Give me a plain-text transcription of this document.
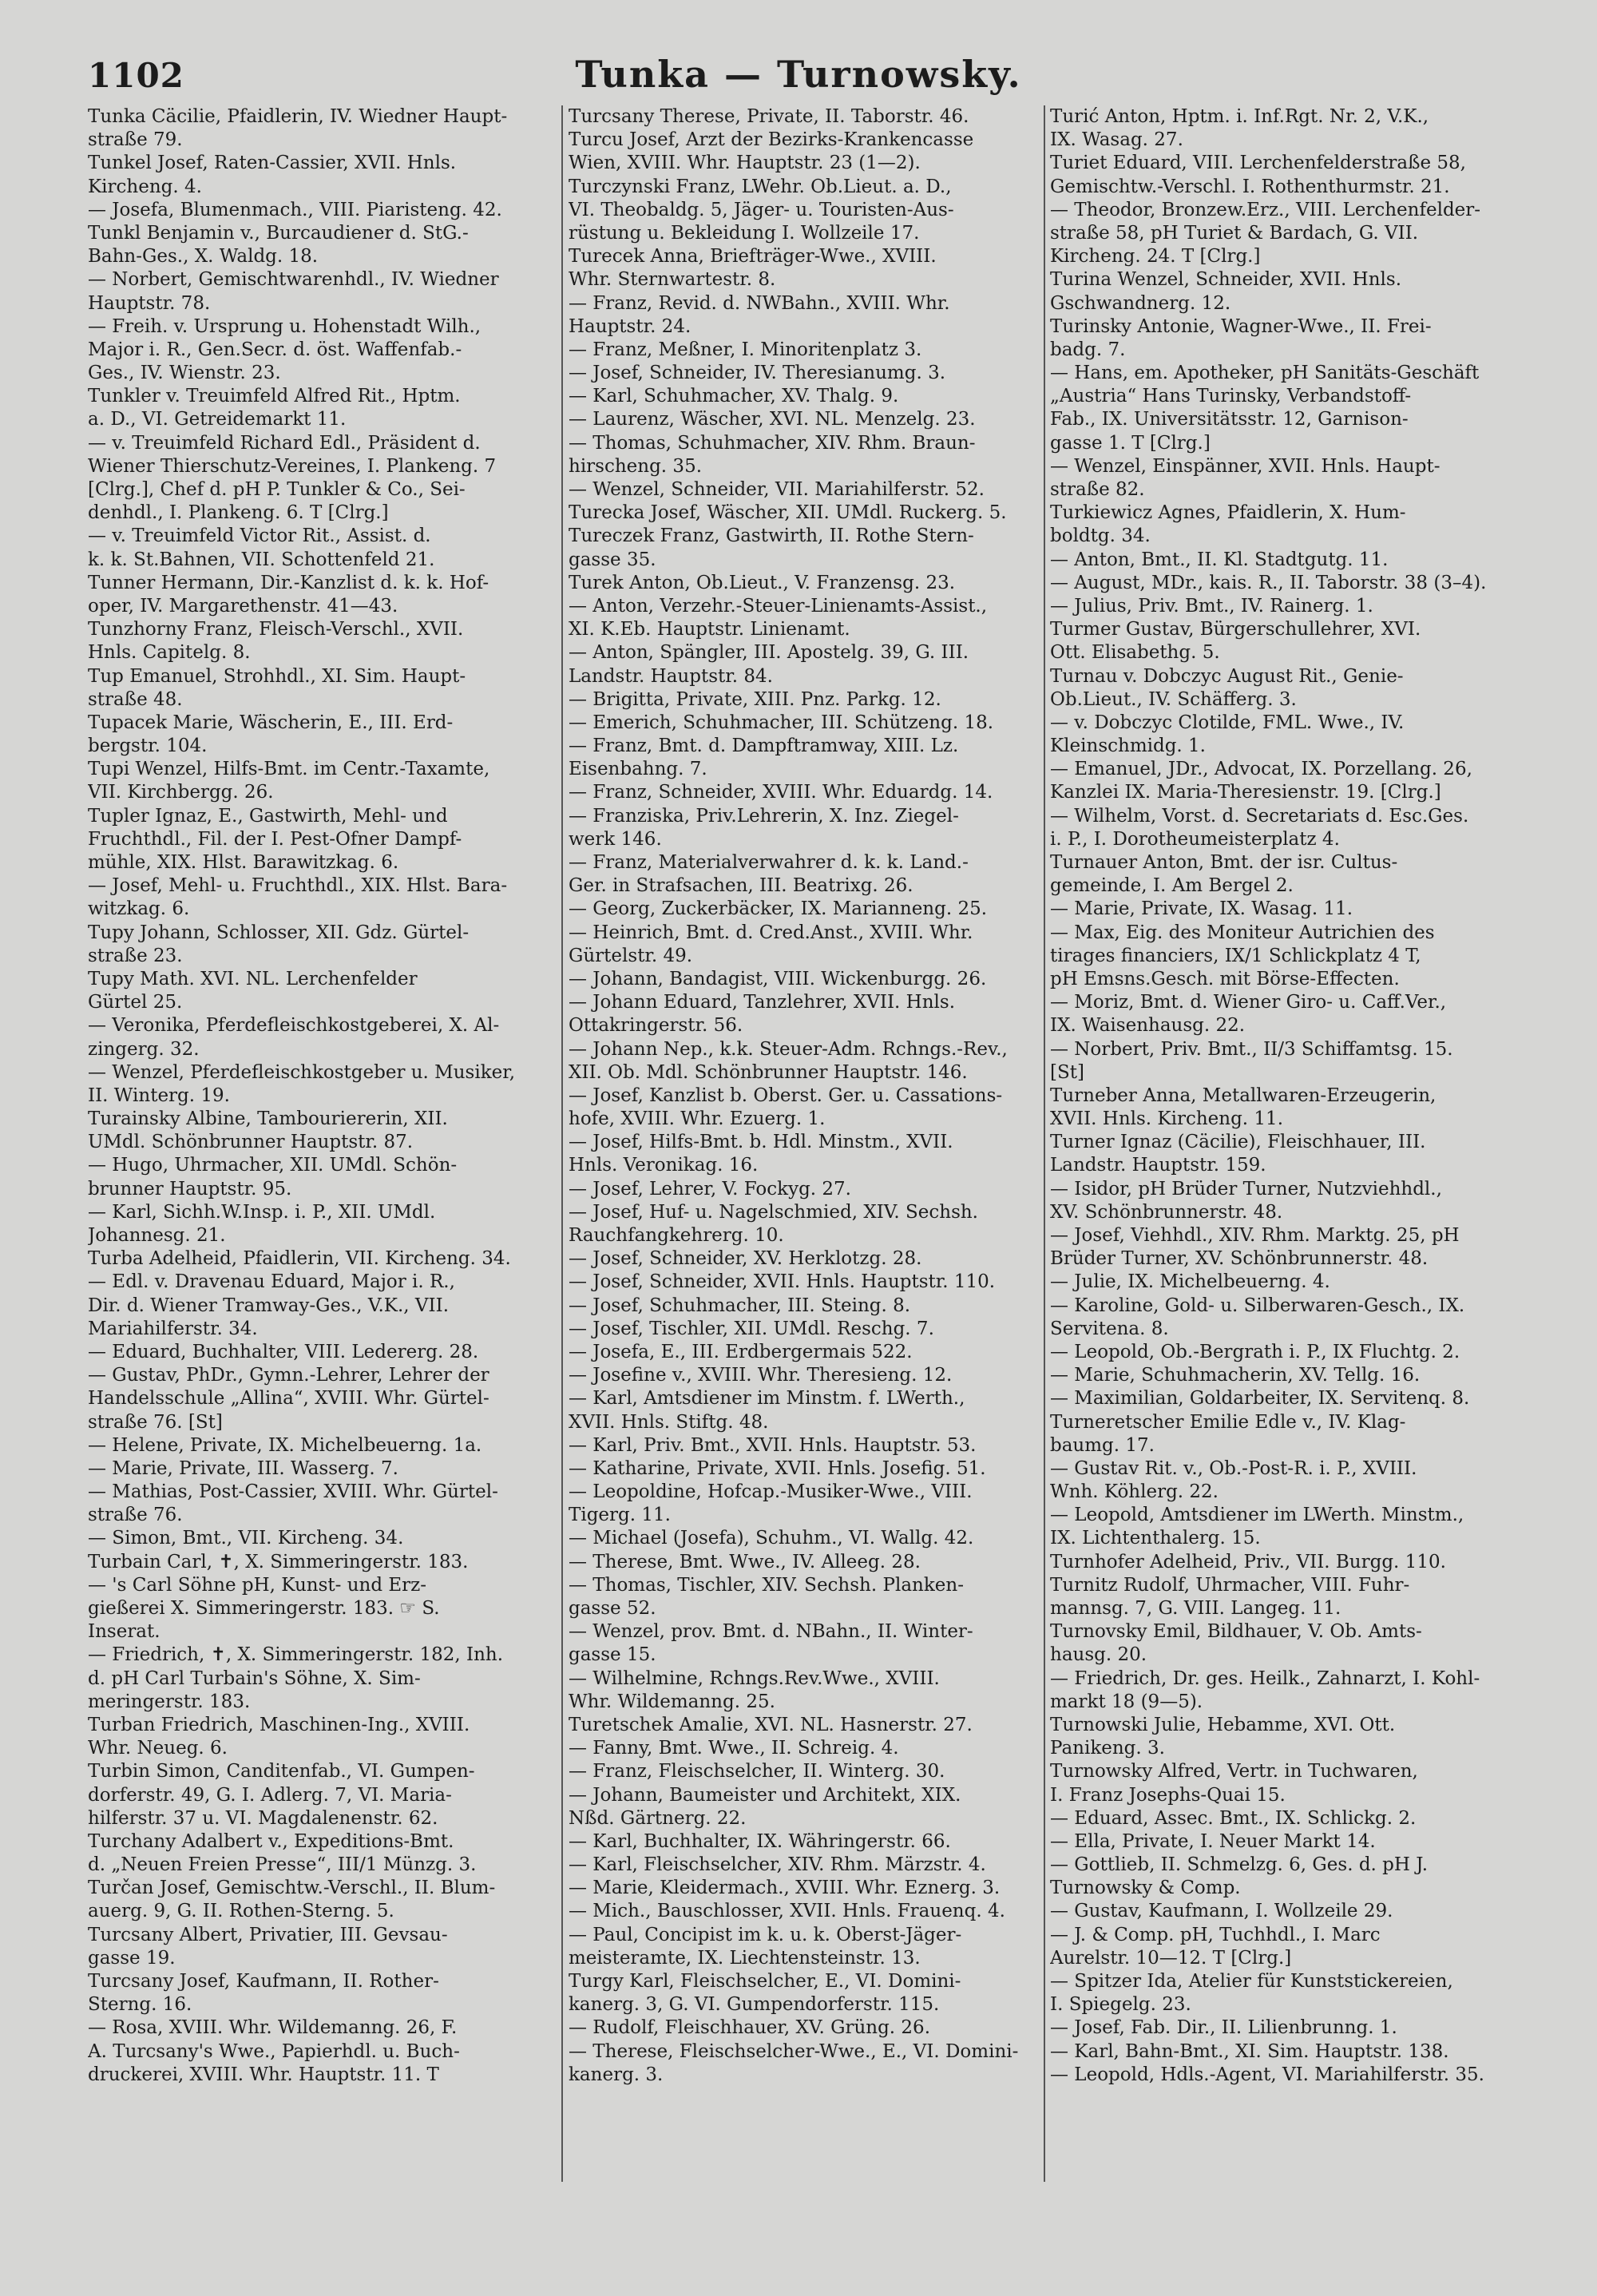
1102	Tunka — Turnowsky.
Tunka Cäcilie, Pfaidlerin, IV. Wiedner Haupt-
straße 79.
Tunkel Josef, Raten-Cassier, XVII. Hnls.
Kircheng. 4.
— Josefa, Blumenmach., VIII. Piaristeng. 42.
Tunkl Benjamin v., Burcaudiener d. StG.-
Bahn-Ges., X. Waldg. 18.
— Norbert, Gemischtwarenhdl., IV. Wiedner
Hauptstr. 78.
— Freih. v. Ursprung u. Hohenstadt Wilh.,
Major i. R., Gen.Secr. d. öst. Waffenfab.-
Ges., IV. Wienstr. 23.
Tunkler v. Treuimfeld Alfred Rit., Hptm.
a. D., VI. Getreidemarkt 11.
— v. Treuimfeld Richard Edl., Präsident d.
Wiener Thierschutz-Vereines, I. Plankeng. 7
[Clrg.], Chef d. pH P. Tunkler & Co., Sei-
denhdl., I. Plankeng. 6. T [Clrg.]
— v. Treuimfeld Victor Rit., Assist. d.
k. k. St.Bahnen, VII. Schottenfeld 21.
Tunner Hermann, Dir.-Kanzlist d. k. k. Hof-
oper, IV. Margarethenstr. 41—43.
Tunzhorny Franz, Fleisch-Verschl., XVII.
Hnls. Capitelg. 8.
Tup Emanuel, Strohhdl., XI. Sim. Haupt-
straße 48.
Tupacek Marie, Wäscherin, E., III. Erd-
bergstr. 104.
Tupi Wenzel, Hilfs-Bmt. im Centr.-Taxamte,
VII. Kirchbergg. 26.
Tupler Ignaz, E., Gastwirth, Mehl- und
Fruchthdl., Fil. der I. Pest-Ofner Dampf-
mühle, XIX. Hlst. Barawitzkag. 6.
— Josef, Mehl- u. Fruchthdl., XIX. Hlst. Bara-
witzkag. 6.
Tupy Johann, Schlosser, XII. Gdz. Gürtel-
straße 23.
Tupy Math. XVI. NL. Lerchenfelder
Gürtel 25.
— Veronika, Pferdefleischkostgeberei, X. Al-
zingerg. 32.
— Wenzel, Pferdefleischkostgeber u. Musiker,
II. Winterg. 19.
Turainsky Albine, Tambouriererin, XII.
UMdl. Schönbrunner Hauptstr. 87.
— Hugo, Uhrmacher, XII. UMdl. Schön-
brunner Hauptstr. 95.
— Karl, Sichh.W.Insp. i. P., XII. UMdl.
Johannesg. 21.
Turba Adelheid, Pfaidlerin, VII. Kircheng. 34.
— Edl. v. Dravenau Eduard, Major i. R.,
Dir. d. Wiener Tramway-Ges., V.K., VII.
Mariahilferstr. 34.
— Eduard, Buchhalter, VIII. Ledererg. 28.
— Gustav, PhDr., Gymn.-Lehrer, Lehrer der
Handelsschule „Allina“, XVIII. Whr. Gürtel-
straße 76. [St]
— Helene, Private, IX. Michelbeuerng. 1a.
— Marie, Private, III. Wasserg. 7.
— Mathias, Post-Cassier, XVIII. Whr. Gürtel-
straße 76.
— Simon, Bmt., VII. Kircheng. 34.
Turbain Carl, ✝, X. Simmeringerstr. 183.
— 's Carl Söhne pH, Kunst- und Erz-
gießerei X. Simmeringerstr. 183. ☞ S.
Inserat.
— Friedrich, ✝, X. Simmeringerstr. 182, Inh.
d. pH Carl Turbain's Söhne, X. Sim-
meringerstr. 183.
Turban Friedrich, Maschinen-Ing., XVIII.
Whr. Neueg. 6.
Turbin Simon, Canditenfab., VI. Gumpen-
dorferstr. 49, G. I. Adlerg. 7, VI. Maria-
hilferstr. 37 u. VI. Magdalenenstr. 62.
Turchany Adalbert v., Expeditions-Bmt.
d. „Neuen Freien Presse“, III/1 Münzg. 3.
Turčan Josef, Gemischtw.-Verschl., II. Blum-
auerg. 9, G. II. Rothen-Sterng. 5.
Turcsany Albert, Privatier, III. Gevsau-
gasse 19.
Turcsany Josef, Kaufmann, II. Rother-
Sterng. 16.
— Rosa, XVIII. Whr. Wildemanng. 26, F.
A. Turcsany's Wwe., Papierhdl. u. Buch-
druckerei, XVIII. Whr. Hauptstr. 11. T
Turcsany Therese, Private, II. Taborstr. 46.
Turcu Josef, Arzt der Bezirks-Krankencasse
Wien, XVIII. Whr. Hauptstr. 23 (1—2).
Turczynski Franz, LWehr. Ob.Lieut. a. D.,
VI. Theobaldg. 5, Jäger- u. Touristen-Aus-
rüstung u. Bekleidung I. Wollzeile 17.
Turecek Anna, Briefträger-Wwe., XVIII.
Whr. Sternwartestr. 8.
— Franz, Revid. d. NWBahn., XVIII. Whr.
Hauptstr. 24.
— Franz, Meßner, I. Minoritenplatz 3.
— Josef, Schneider, IV. Theresianumg. 3.
— Karl, Schuhmacher, XV. Thalg. 9.
— Laurenz, Wäscher, XVI. NL. Menzelg. 23.
— Thomas, Schuhmacher, XIV. Rhm. Braun-
hirscheng. 35.
— Wenzel, Schneider, VII. Mariahilferstr. 52.
Turecka Josef, Wäscher, XII. UMdl. Ruckerg. 5.
Tureczek Franz, Gastwirth, II. Rothe Stern-
gasse 35.
Turek Anton, Ob.Lieut., V. Franzensg. 23.
— Anton, Verzehr.-Steuer-Linienamts-Assist.,
XI. K.Eb. Hauptstr. Linienamt.
— Anton, Spängler, III. Apostelg. 39, G. III.
Landstr. Hauptstr. 84.
— Brigitta, Private, XIII. Pnz. Parkg. 12.
— Emerich, Schuhmacher, III. Schützeng. 18.
— Franz, Bmt. d. Dampftramway, XIII. Lz.
Eisenbahng. 7.
— Franz, Schneider, XVIII. Whr. Eduardg. 14.
— Franziska, Priv.Lehrerin, X. Inz. Ziegel-
werk 146.
— Franz, Materialverwahrer d. k. k. Land.-
Ger. in Strafsachen, III. Beatrixg. 26.
— Georg, Zuckerbäcker, IX. Marianneng. 25.
— Heinrich, Bmt. d. Cred.Anst., XVIII. Whr.
Gürtelstr. 49.
— Johann, Bandagist, VIII. Wickenburgg. 26.
— Johann Eduard, Tanzlehrer, XVII. Hnls.
Ottakringerstr. 56.
— Johann Nep., k.k. Steuer-Adm. Rchngs.-Rev.,
XII. Ob. Mdl. Schönbrunner Hauptstr. 146.
— Josef, Kanzlist b. Oberst. Ger. u. Cassations-
hofe, XVIII. Whr. Ezuerg. 1.
— Josef, Hilfs-Bmt. b. Hdl. Minstm., XVII.
Hnls. Veronikag. 16.
— Josef, Lehrer, V. Fockyg. 27.
— Josef, Huf- u. Nagelschmied, XIV. Sechsh.
Rauchfangkehrerg. 10.
— Josef, Schneider, XV. Herklotzg. 28.
— Josef, Schneider, XVII. Hnls. Hauptstr. 110.
— Josef, Schuhmacher, III. Steing. 8.
— Josef, Tischler, XII. UMdl. Reschg. 7.
— Josefa, E., III. Erdbergermais 522.
— Josefine v., XVIII. Whr. Theresieng. 12.
— Karl, Amtsdiener im Minstm. f. LWerth.,
XVII. Hnls. Stiftg. 48.
— Karl, Priv. Bmt., XVII. Hnls. Hauptstr. 53.
— Katharine, Private, XVII. Hnls. Josefig. 51.
— Leopoldine, Hofcap.-Musiker-Wwe., VIII.
Tigerg. 11.
— Michael (Josefa), Schuhm., VI. Wallg. 42.
— Therese, Bmt. Wwe., IV. Alleeg. 28.
— Thomas, Tischler, XIV. Sechsh. Planken-
gasse 52.
— Wenzel, prov. Bmt. d. NBahn., II. Winter-
gasse 15.
— Wilhelmine, Rchngs.Rev.Wwe., XVIII.
Whr. Wildemanng. 25.
Turetschek Amalie, XVI. NL. Hasnerstr. 27.
— Fanny, Bmt. Wwe., II. Schreig. 4.
— Franz, Fleischselcher, II. Winterg. 30.
— Johann, Baumeister und Architekt, XIX.
Nßd. Gärtnerg. 22.
— Karl, Buchhalter, IX. Währingerstr. 66.
— Karl, Fleischselcher, XIV. Rhm. Märzstr. 4.
— Marie, Kleidermach., XVIII. Whr. Eznerg. 3.
— Mich., Bauschlosser, XVII. Hnls. Frauenq. 4.
— Paul, Concipist im k. u. k. Oberst-Jäger-
meisteramte, IX. Liechtensteinstr. 13.
Turgy Karl, Fleischselcher, E., VI. Domini-
kanerg. 3, G. VI. Gumpendorferstr. 115.
— Rudolf, Fleischhauer, XV. Grüng. 26.
— Therese, Fleischselcher-Wwe., E., VI. Domini-
kanerg. 3.
Turić Anton, Hptm. i. Inf.Rgt. Nr. 2, V.K.,
IX. Wasag. 27.
Turiet Eduard, VIII. Lerchenfelderstraße 58,
Gemischtw.-Verschl. I. Rothenthurmstr. 21.
— Theodor, Bronzew.Erz., VIII. Lerchenfelder-
straße 58, pH Turiet & Bardach, G. VII.
Kircheng. 24. T [Clrg.]
Turina Wenzel, Schneider, XVII. Hnls.
Gschwandnerg. 12.
Turinsky Antonie, Wagner-Wwe., II. Frei-
badg. 7.
— Hans, em. Apotheker, pH Sanitäts-Geschäft
„Austria“ Hans Turinsky, Verbandstoff-
Fab., IX. Universitätsstr. 12, Garnison-
gasse 1. T [Clrg.]
— Wenzel, Einspänner, XVII. Hnls. Haupt-
straße 82.
Turkiewicz Agnes, Pfaidlerin, X. Hum-
boldtg. 34.
— Anton, Bmt., II. Kl. Stadtgutg. 11.
— August, MDr., kais. R., II. Taborstr. 38 (3–4).
— Julius, Priv. Bmt., IV. Rainerg. 1.
Turmer Gustav, Bürgerschullehrer, XVI.
Ott. Elisabethg. 5.
Turnau v. Dobczyc August Rit., Genie-
Ob.Lieut., IV. Schäfferg. 3.
— v. Dobczyc Clotilde, FML. Wwe., IV.
Kleinschmidg. 1.
— Emanuel, JDr., Advocat, IX. Porzellang. 26,
Kanzlei IX. Maria-Theresienstr. 19. [Clrg.]
— Wilhelm, Vorst. d. Secretariats d. Esc.Ges.
i. P., I. Dorotheumeisterplatz 4.
Turnauer Anton, Bmt. der isr. Cultus-
gemeinde, I. Am Bergel 2.
— Marie, Private, IX. Wasag. 11.
— Max, Eig. des Moniteur Autrichien des
tirages financiers, IX/1 Schlickplatz 4 T,
pH Emsns.Gesch. mit Börse-Effecten.
— Moriz, Bmt. d. Wiener Giro- u. Caff.Ver.,
IX. Waisenhausg. 22.
— Norbert, Priv. Bmt., II/3 Schiffamtsg. 15.
[St]
Turneber Anna, Metallwaren-Erzeugerin,
XVII. Hnls. Kircheng. 11.
Turner Ignaz (Cäcilie), Fleischhauer, III.
Landstr. Hauptstr. 159.
— Isidor, pH Brüder Turner, Nutzviehhdl.,
XV. Schönbrunnerstr. 48.
— Josef, Viehhdl., XIV. Rhm. Marktg. 25, pH
Brüder Turner, XV. Schönbrunnerstr. 48.
— Julie, IX. Michelbeuerng. 4.
— Karoline, Gold- u. Silberwaren-Gesch., IX.
Servitena. 8.
— Leopold, Ob.-Bergrath i. P., IX Fluchtg. 2.
— Marie, Schuhmacherin, XV. Tellg. 16.
— Maximilian, Goldarbeiter, IX. Servitenq. 8.
Turneretscher Emilie Edle v., IV. Klag-
baumg. 17.
— Gustav Rit. v., Ob.-Post-R. i. P., XVIII.
Wnh. Köhlerg. 22.
— Leopold, Amtsdiener im LWerth. Minstm.,
IX. Lichtenthalerg. 15.
Turnhofer Adelheid, Priv., VII. Burgg. 110.
Turnitz Rudolf, Uhrmacher, VIII. Fuhr-
mannsg. 7, G. VIII. Langeg. 11.
Turnovsky Emil, Bildhauer, V. Ob. Amts-
hausg. 20.
— Friedrich, Dr. ges. Heilk., Zahnarzt, I. Kohl-
markt 18 (9—5).
Turnowski Julie, Hebamme, XVI. Ott.
Panikeng. 3.
Turnowsky Alfred, Vertr. in Tuchwaren,
I. Franz Josephs-Quai 15.
— Eduard, Assec. Bmt., IX. Schlickg. 2.
— Ella, Private, I. Neuer Markt 14.
— Gottlieb, II. Schmelzg. 6, Ges. d. pH J.
Turnowsky & Comp.
— Gustav, Kaufmann, I. Wollzeile 29.
— J. & Comp. pH, Tuchhdl., I. Marc
Aurelstr. 10—12. T [Clrg.]
— Spitzer Ida, Atelier für Kunststickereien,
I. Spiegelg. 23.
— Josef, Fab. Dir., II. Lilienbrunng. 1.
— Karl, Bahn-Bmt., XI. Sim. Hauptstr. 138.
— Leopold, Hdls.-Agent, VI. Mariahilferstr. 35.
